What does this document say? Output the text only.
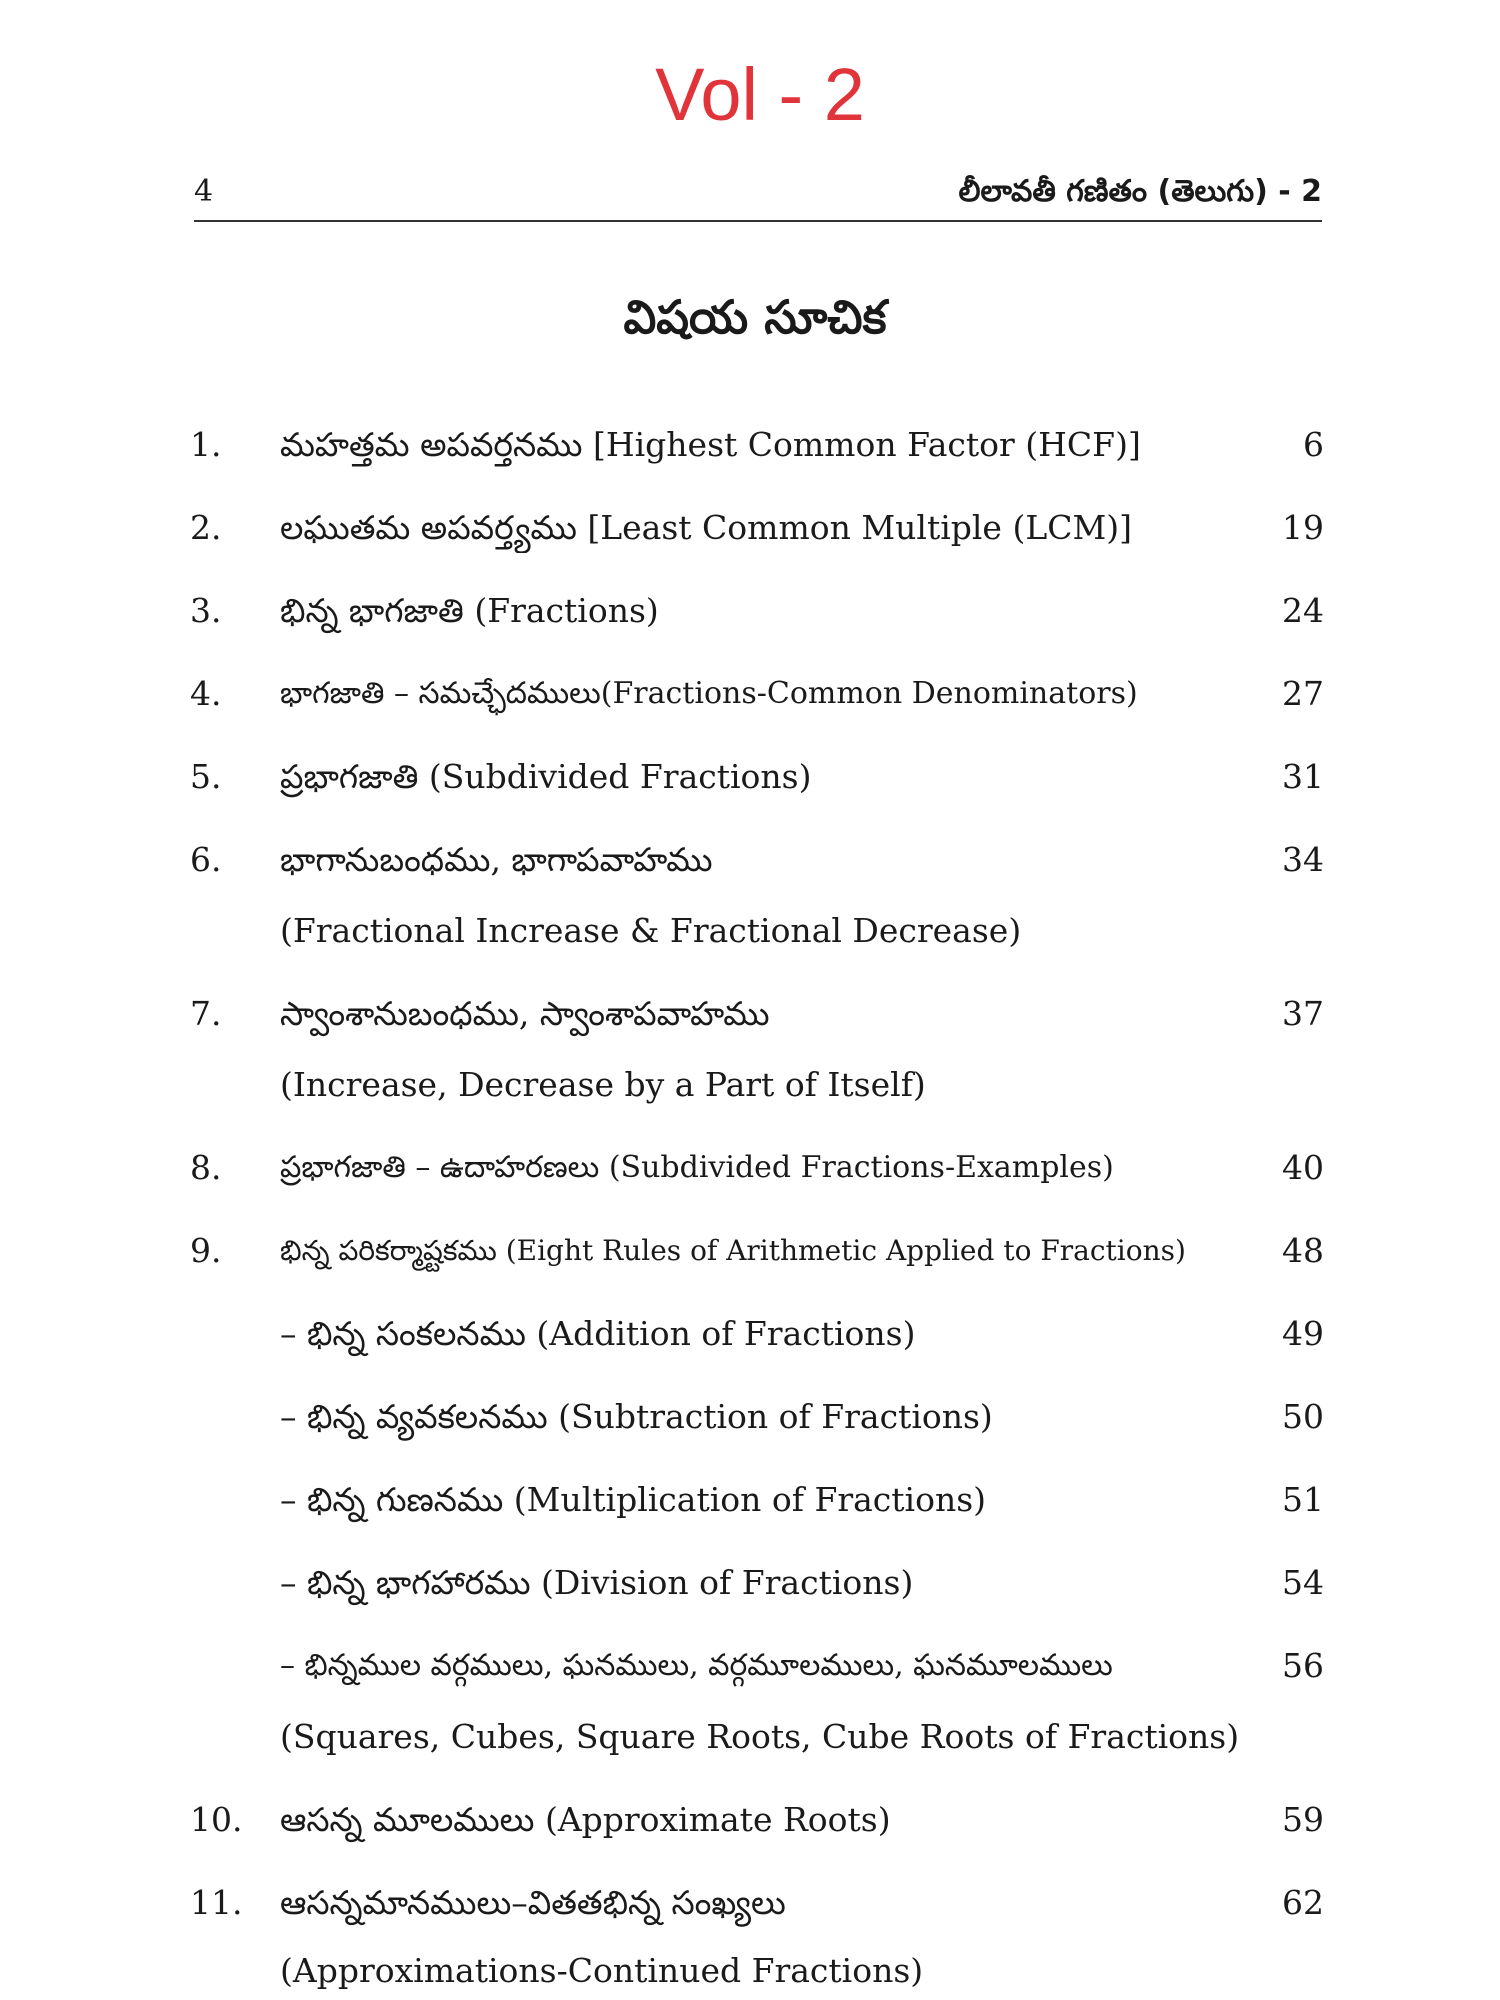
Vol - 2
4	లీలావతీ గణితం (తెలుగు) - 2
విషయ సూచిక
1. మహత్తమ అపవర్తనము [Highest Common Factor (HCF)]	6
2. లఘుతమ అపవర్త్యము [Least Common Multiple (LCM)]	19
3. భిన్న భాగజాతి (Fractions)	24
4. భాగజాతి – సమచ్ఛేదములు(Fractions-Common Denominators)	27
5. ప్రభాగజాతి (Subdivided Fractions)	31
6. భాగానుబంధము, భాగాపవాహము	34
(Fractional Increase & Fractional Decrease)
7. స్వాంశానుబంధము, స్వాంశాపవాహము	37
(Increase, Decrease by a Part of Itself)
8. ప్రభాగజాతి – ఉదాహరణలు (Subdivided Fractions-Examples)	40
9. భిన్న పరికర్మాష్టకము (Eight Rules of Arithmetic Applied to Fractions)	48
– భిన్న సంకలనము (Addition of Fractions)	49
– భిన్న వ్యవకలనము (Subtraction of Fractions)	50
– భిన్న గుణనము (Multiplication of Fractions)	51
– భిన్న భాగహారము (Division of Fractions)	54
– భిన్నముల వర్గములు, ఘనములు, వర్గమూలములు, ఘనమూలములు	56
(Squares, Cubes, Square Roots, Cube Roots of Fractions)
10. ఆసన్న మూలములు (Approximate Roots)	59
11. ఆసన్నమానములు–వితతభిన్న సంఖ్యలు	62
(Approximations-Continued Fractions)
